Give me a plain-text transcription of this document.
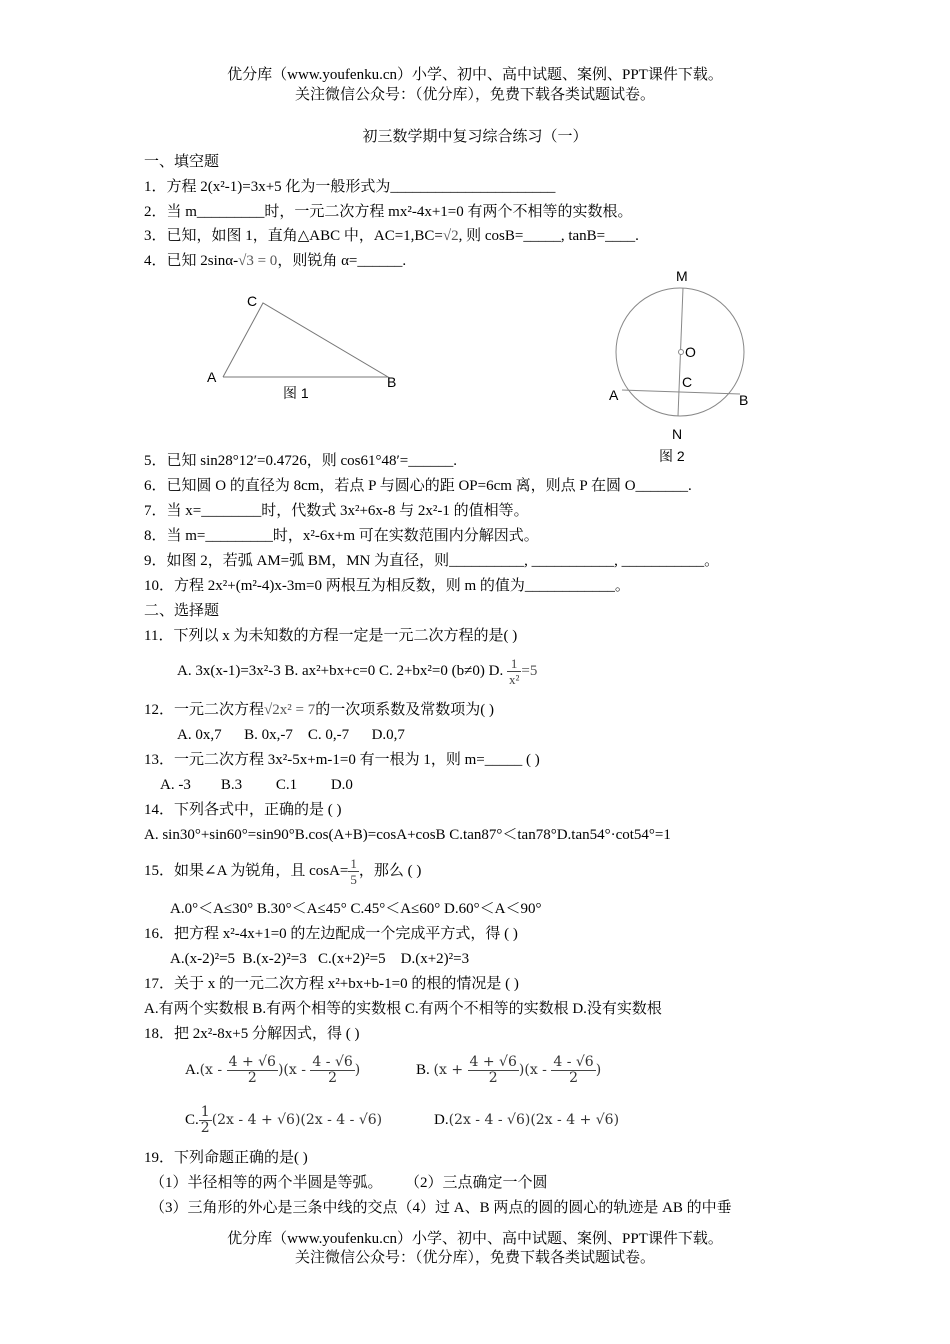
优分库（www.youfenku.cn）小学、初中、高中试题、案例、PPT课件下载。
关注微信公众号：（优分库），免费下载各类试题试卷。
初三数学期中复习综合练习（一）
一、填空题
1．方程 2(x²-1)=3x+5 化为一般形式为______________________
2．当 m_________时，一元二次方程 mx²-4x+1=0 有两个不相等的实数根。
3．已知，如图 1，直角△ABC 中，AC=1,BC=√2, 则 cosB=_____, tanB=____.
4．已知 2sinα-√3 = 0，则锐角 α=______.
C
A	B
图 1
M
O
C
A	B
N
图 2
5．已知 sin28°12′=0.4726，则 cos61°48′=______.
6．已知圆 O 的直径为 8cm，若点 P 与圆心的距 OP=6cm 离，则点 P 在圆 O_______.
7．当 x=________时，代数式 3x²+6x-8 与 2x²-1 的值相等。
8．当 m=_________时，x²-6x+m 可在实数范围内分解因式。
9．如图 2，若弧 AM=弧 BM，MN 为直径，则__________, ___________, ___________。
10．方程 2x²+(m²-4)x-3m=0 两根互为相反数，则 m 的值为____________。
二、选择题
11．下列以 x 为未知数的方程一定是一元二次方程的是( )
A. 3x(x-1)=3x²-3 B. ax²+bx+c=0 C. 2+bx²=0 (b≠0) D. $\frac{1}{\text{x²}} =5$
12．一元二次方程√2x² = 7的一次项系数及常数项为( )
A. 0x,7      B. 0x,-7    C. 0,-7      D.0,7
13．一元二次方程 3x²-5x+m-1=0 有一根为 1，则 m=_____ ( )
A. -3        B.3         C.1         D.0
14．下列各式中，正确的是 ( )
A. sin30°+sin60°=sin90°B.cos(A+B)=cosA+cosB C.tan87°＜tan78°D.tan54°·cot54°=1
15．如果∠A 为锐角，且 $\cos A= \frac{1}{5}$ ，那么 ( )
A.0°＜A≤30° B.30°＜A≤45° C.45°＜A≤60° D.60°＜A＜90°
16．把方程 x²-4x+1=0 的左边配成一个完成平方式，得 ( )
A.(x-2)²=5  B.(x-2)²=3   C.(x+2)²=5    D.(x+2)²=3
17．关于 x 的一元二次方程 x²+bx+b-1=0 的根的情况是 ( )
A.有两个实数根 B.有两个相等的实数根 C.有两个不相等的实数根 D.没有实数根
18．把 2x²-8x+5 分解因式，得 ( )
$A.(x - \frac{4 + √6}{2} )(x - \frac{4 - √6}{2}$ )	B. $(x + \frac{4 + √6}{2} )(x - \frac{4 - √6}{2}$ )
C. $\frac{1}{2} (2x - 4 + √6)(2x - 4 - √6)$	D.(2x - 4 - √6)(2x - 4 + √6)
19．下列命题正确的是( )
（1）半径相等的两个半圆是等弧。      （2）三点确定一个圆
（3）三角形的外心是三条中线的交点（4）过 A、B 两点的圆的圆心的轨迹是 AB 的中垂
优分库（www.youfenku.cn）小学、初中、高中试题、案例、PPT课件下载。
关注微信公众号：（优分库），免费下载各类试题试卷。
